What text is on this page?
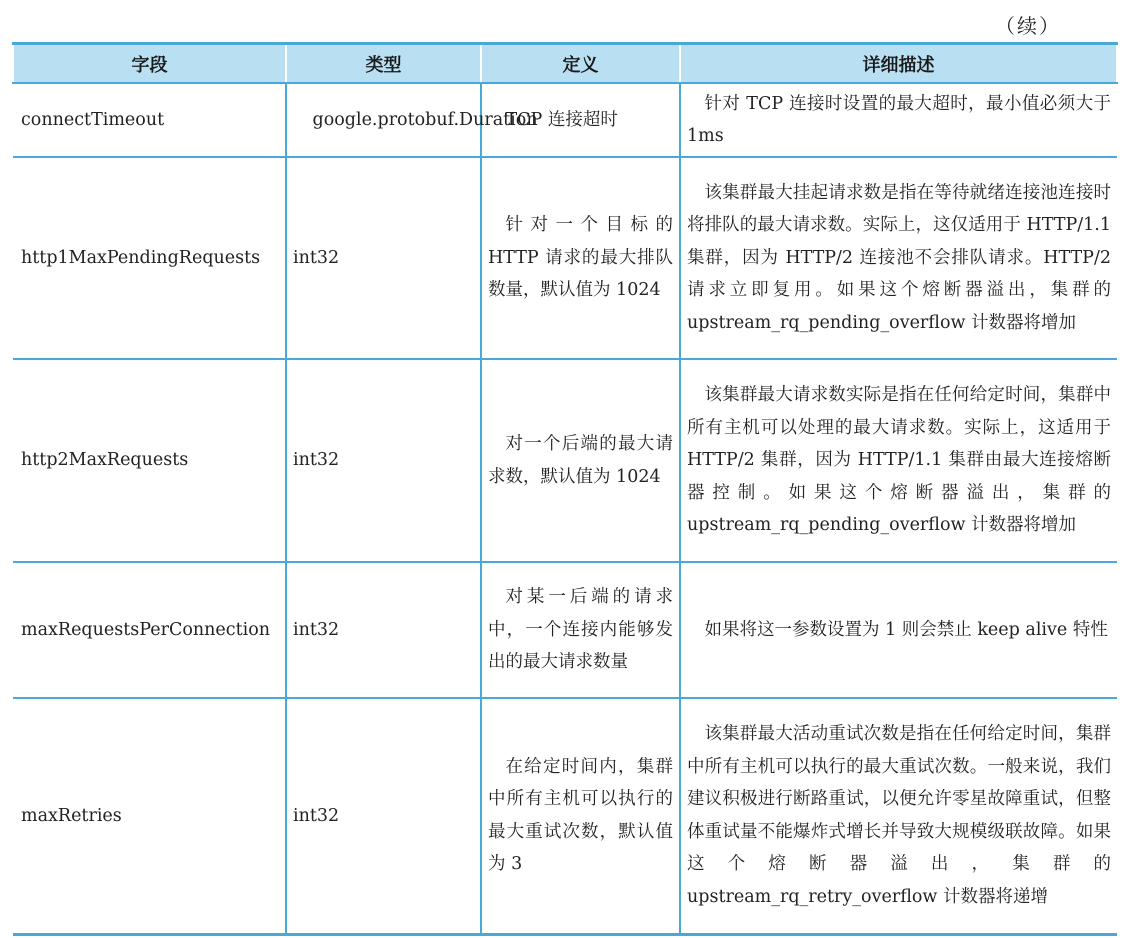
（续）
字段	类型	定义	详细描述
connectTimeout	google.protobuf.Duration	TCP 连接超时	针对 TCP 连接时设置的最大超时，最小值必须大于 1ms
http1MaxPendingRequests	int32	针对一个目标的 HTTP 请求的最大排队数量，默认值为 1024	该集群最大挂起请求数是指在等待就绪连接池连接时将排队的最大请求数。实际上，这仅适用于 HTTP/1.1 集群，因为 HTTP/2 连接池不会排队请求。HTTP/2 请求立即复用。如果这个熔断器溢出，集群的 upstream_rq_pending_overflow 计数器将增加
http2MaxRequests	int32	对一个后端的最大请求数，默认值为 1024	该集群最大请求数实际是指在任何给定时间，集群中所有主机可以处理的最大请求数。实际上，这适用于 HTTP/2 集群，因为 HTTP/1.1 集群由最大连接熔断器控制。如果这个熔断器溢出，集群的 upstream_rq_pending_overflow 计数器将增加
maxRequestsPerConnection	int32	对某一后端的请求中，一个连接内能够发出的最大请求数量	如果将这一参数设置为 1 则会禁止 keep alive 特性
maxRetries	int32	在给定时间内，集群中所有主机可以执行的最大重试次数，默认值为 3	该集群最大活动重试次数是指在任何给定时间，集群中所有主机可以执行的最大重试次数。一般来说，我们建议积极进行断路重试，以便允许零星故障重试，但整体重试量不能爆炸式增长并导致大规模级联故障。如果这个熔断器溢出，集群的 upstream_rq_retry_overflow 计数器将递增
